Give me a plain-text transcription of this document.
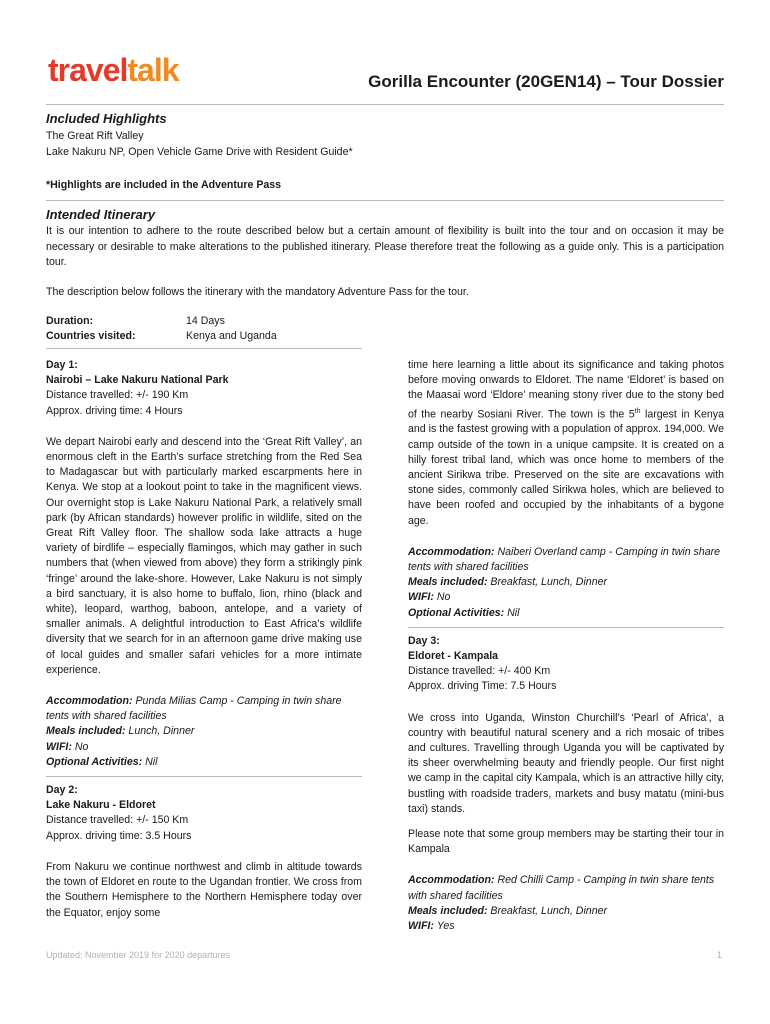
traveltalk	Gorilla Encounter (20GEN14) – Tour Dossier
Included Highlights
The Great Rift Valley
Lake Nakuru NP, Open Vehicle Game Drive with Resident Guide*
*Highlights are included in the Adventure Pass
Intended Itinerary
It is our intention to adhere to the route described below but a certain amount of flexibility is built into the tour and on occasion it may be necessary or desirable to make alterations to the published itinerary. Please therefore treat the following as a guide only. This is a participation tour.
The description below follows the itinerary with the mandatory Adventure Pass for the tour.
Duration:	14 Days
Countries visited:	Kenya and Uganda
Day 1:
Nairobi – Lake Nakuru National Park
Distance travelled: +/- 190 Km
Approx. driving time: 4 Hours

We depart Nairobi early and descend into the ‘Great Rift Valley’, an enormous cleft in the Earth’s surface stretching from the Red Sea to Madagascar but with particularly marked escarpments here in Kenya. We stop at a lookout point to take in the magnificent views. Our overnight stop is Lake Nakuru National Park, a relatively small park (by African standards) however prolific in wildlife, sited on the Great Rift Valley floor. The shallow soda lake attracts a huge variety of birdlife – especially flamingos, which may gather in such numbers that (when viewed from above) they form a strikingly pink ‘fringe’ around the lake-shore. However, Lake Nakuru is not simply a bird sanctuary, it is also home to buffalo, lion, rhino (black and white), leopard, warthog, baboon, antelope, and a variety of smaller animals. A delightful introduction to East Africa’s wildlife diversity that we search for in an afternoon game drive making use of local guides and smaller safari vehicles for a more intimate experience.

Accommodation: Punda Milias Camp - Camping in twin share tents with shared facilities
Meals included: Lunch, Dinner
WIFI: No
Optional Activities: Nil
Day 2:
Lake Nakuru - Eldoret
Distance travelled: +/- 150 Km
Approx. driving time: 3.5 Hours

From Nakuru we continue northwest and climb in altitude towards the town of Eldoret en route to the Ugandan frontier. We cross from the Southern Hemisphere to the Northern Hemisphere today over the Equator, enjoy some

time here learning a little about its significance and taking photos before moving onwards to Eldoret. The name ‘Eldoret’ is based on the Maasai word ‘Eldore’ meaning stony river due to the stony bed of the nearby Sosiani River. The town is the 5th largest in Kenya and is the fastest growing with a population of approx. 194,000. We camp outside of the town in a unique campsite. It is created on a hilly forest tribal land, which was once home to members of the ancient Sirikwa tribe. Preserved on the site are excavations with stone sides, commonly called Sirikwa holes, which are believed to have been roofed and occupied by the inhabitants of a bygone age.

Accommodation: Naiberi Overland camp - Camping in twin share tents with shared facilities
Meals included: Breakfast, Lunch, Dinner
WIFI: No
Optional Activities: Nil
Day 3:
Eldoret - Kampala
Distance travelled: +/- 400 Km
Approx. driving Time: 7.5 Hours

We cross into Uganda, Winston Churchill’s ‘Pearl of Africa’, a country with beautiful natural scenery and a rich mosaic of tribes and cultures. Travelling through Uganda you will be captivated by its sheer overwhelming beauty and friendly people. Our first night we camp in the capital city Kampala, which is an attractive hilly city, bustling with roadside traders, markets and busy matatu (mini-bus taxi) stands.

Please note that some group members may be starting their tour in Kampala

Accommodation: Red Chilli Camp - Camping in twin share tents with shared facilities
Meals included: Breakfast, Lunch, Dinner
WIFI: Yes
Updated: November 2019 for 2020 departures	1
